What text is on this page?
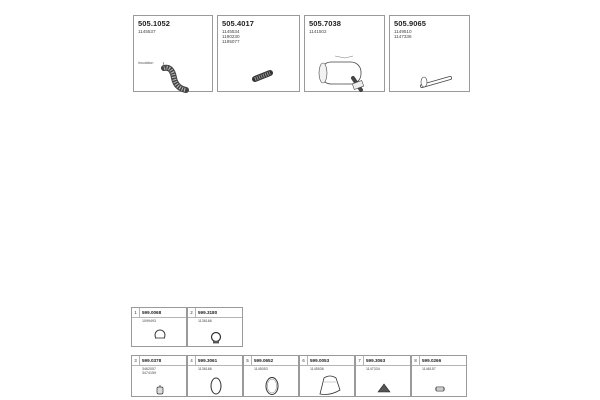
505.1052
1145537
Insulation
505.4017
1145534
1190230
1195077
505.7038
1141502
505.9065
1149510
1147336
1	599.0068
1099493
2	599.3180
1136166
3	599.0378
3462057
3474159
4	599.3061
1136166
5	599.0652
1145053
6	599.0053
1145536
7	599.3063
1147334
8	599.0266
1146157
